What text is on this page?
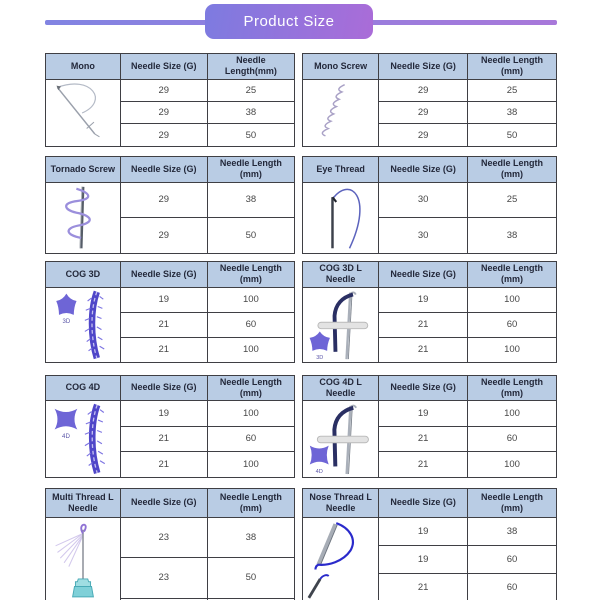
Product Size
Mono	Needle Size (G)	Needle Length(mm)

	29	25
	29	38
	29	50
Mono Screw	Needle Size (G)	Needle Length (mm)

	29	25
	29	38
	29	50
Tornado Screw	Needle Size (G)	Needle Length (mm)

	29	38
	29	50
Eye Thread	Needle Size (G)	Needle Length (mm)

	30	25
	30	38
COG 3D	Needle Size (G)	Needle Length (mm)

3D	19	100
	21	60
	21	100
COG 3D L Needle	Needle Size (G)	Needle Length (mm)

3D	19	100
	21	60
	21	100
COG 4D	Needle Size (G)	Needle Length (mm)

4D	19	100
	21	60
	21	100
COG 4D L Needle	Needle Size (G)	Needle Length (mm)

4D	19	100
	21	60
	21	100
Multi Thread L Needle	Needle Size (G)	Needle Length (mm)

	23	38
	23	50

Nose Thread L Needle	Needle Size (G)	Needle Length (mm)

	19	38
	19	60
	21	60
